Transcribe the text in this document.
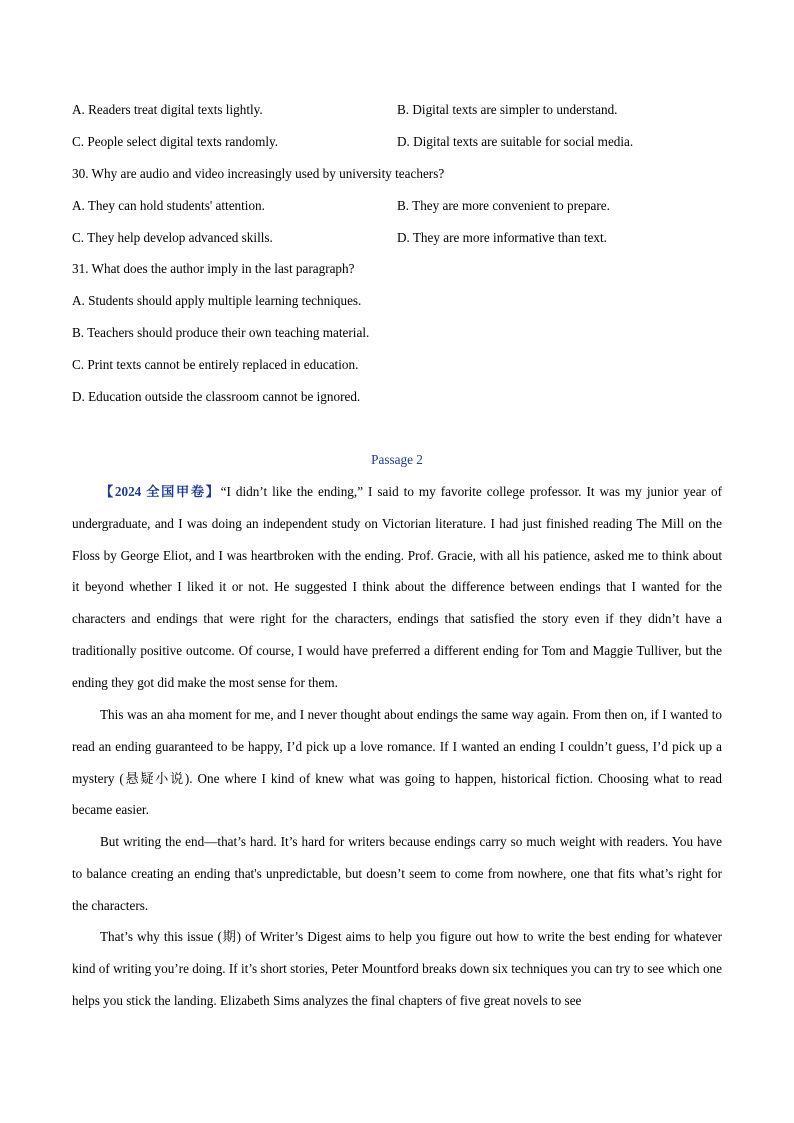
A. Readers treat digital texts lightly.	B. Digital texts are simpler to understand.
C. People select digital texts randomly.	D. Digital texts are suitable for social media.
30. Why are audio and video increasingly used by university teachers?
A. They can hold students' attention.	B. They are more convenient to prepare.
C. They help develop advanced skills.	D. They are more informative than text.
31. What does the author imply in the last paragraph?
A. Students should apply multiple learning techniques.
B. Teachers should produce their own teaching material.
C. Print texts cannot be entirely replaced in education.
D. Education outside the classroom cannot be ignored.
Passage 2

【2024 全国甲卷】“I didn’t like the ending,” I said to my favorite college professor. It was my junior year of undergraduate, and I was doing an independent study on Victorian literature. I had just finished reading The Mill on the Floss by George Eliot, and I was heartbroken with the ending. Prof. Gracie, with all his patience, asked me to think about it beyond whether I liked it or not. He suggested I think about the difference between endings that I wanted for the characters and endings that were right for the characters, endings that satisfied the story even if they didn’t have a traditionally positive outcome. Of course, I would have preferred a different ending for Tom and Maggie Tulliver, but the ending they got did make the most sense for them.

This was an aha moment for me, and I never thought about endings the same way again. From then on, if I wanted to read an ending guaranteed to be happy, I’d pick up a love romance. If I wanted an ending I couldn’t guess, I’d pick up a mystery (悬疑小说). One where I kind of knew what was going to happen, historical fiction. Choosing what to read became easier.

But writing the end—that’s hard. It’s hard for writers because endings carry so much weight with readers. You have to balance creating an ending that's unpredictable, but doesn’t seem to come from nowhere, one that fits what’s right for the characters.

That’s why this issue (期) of Writer’s Digest aims to help you figure out how to write the best ending for whatever kind of writing you’re doing. If it’s short stories, Peter Mountford breaks down six techniques you can try to see which one helps you stick the landing. Elizabeth Sims analyzes the final chapters of five great novels to see
